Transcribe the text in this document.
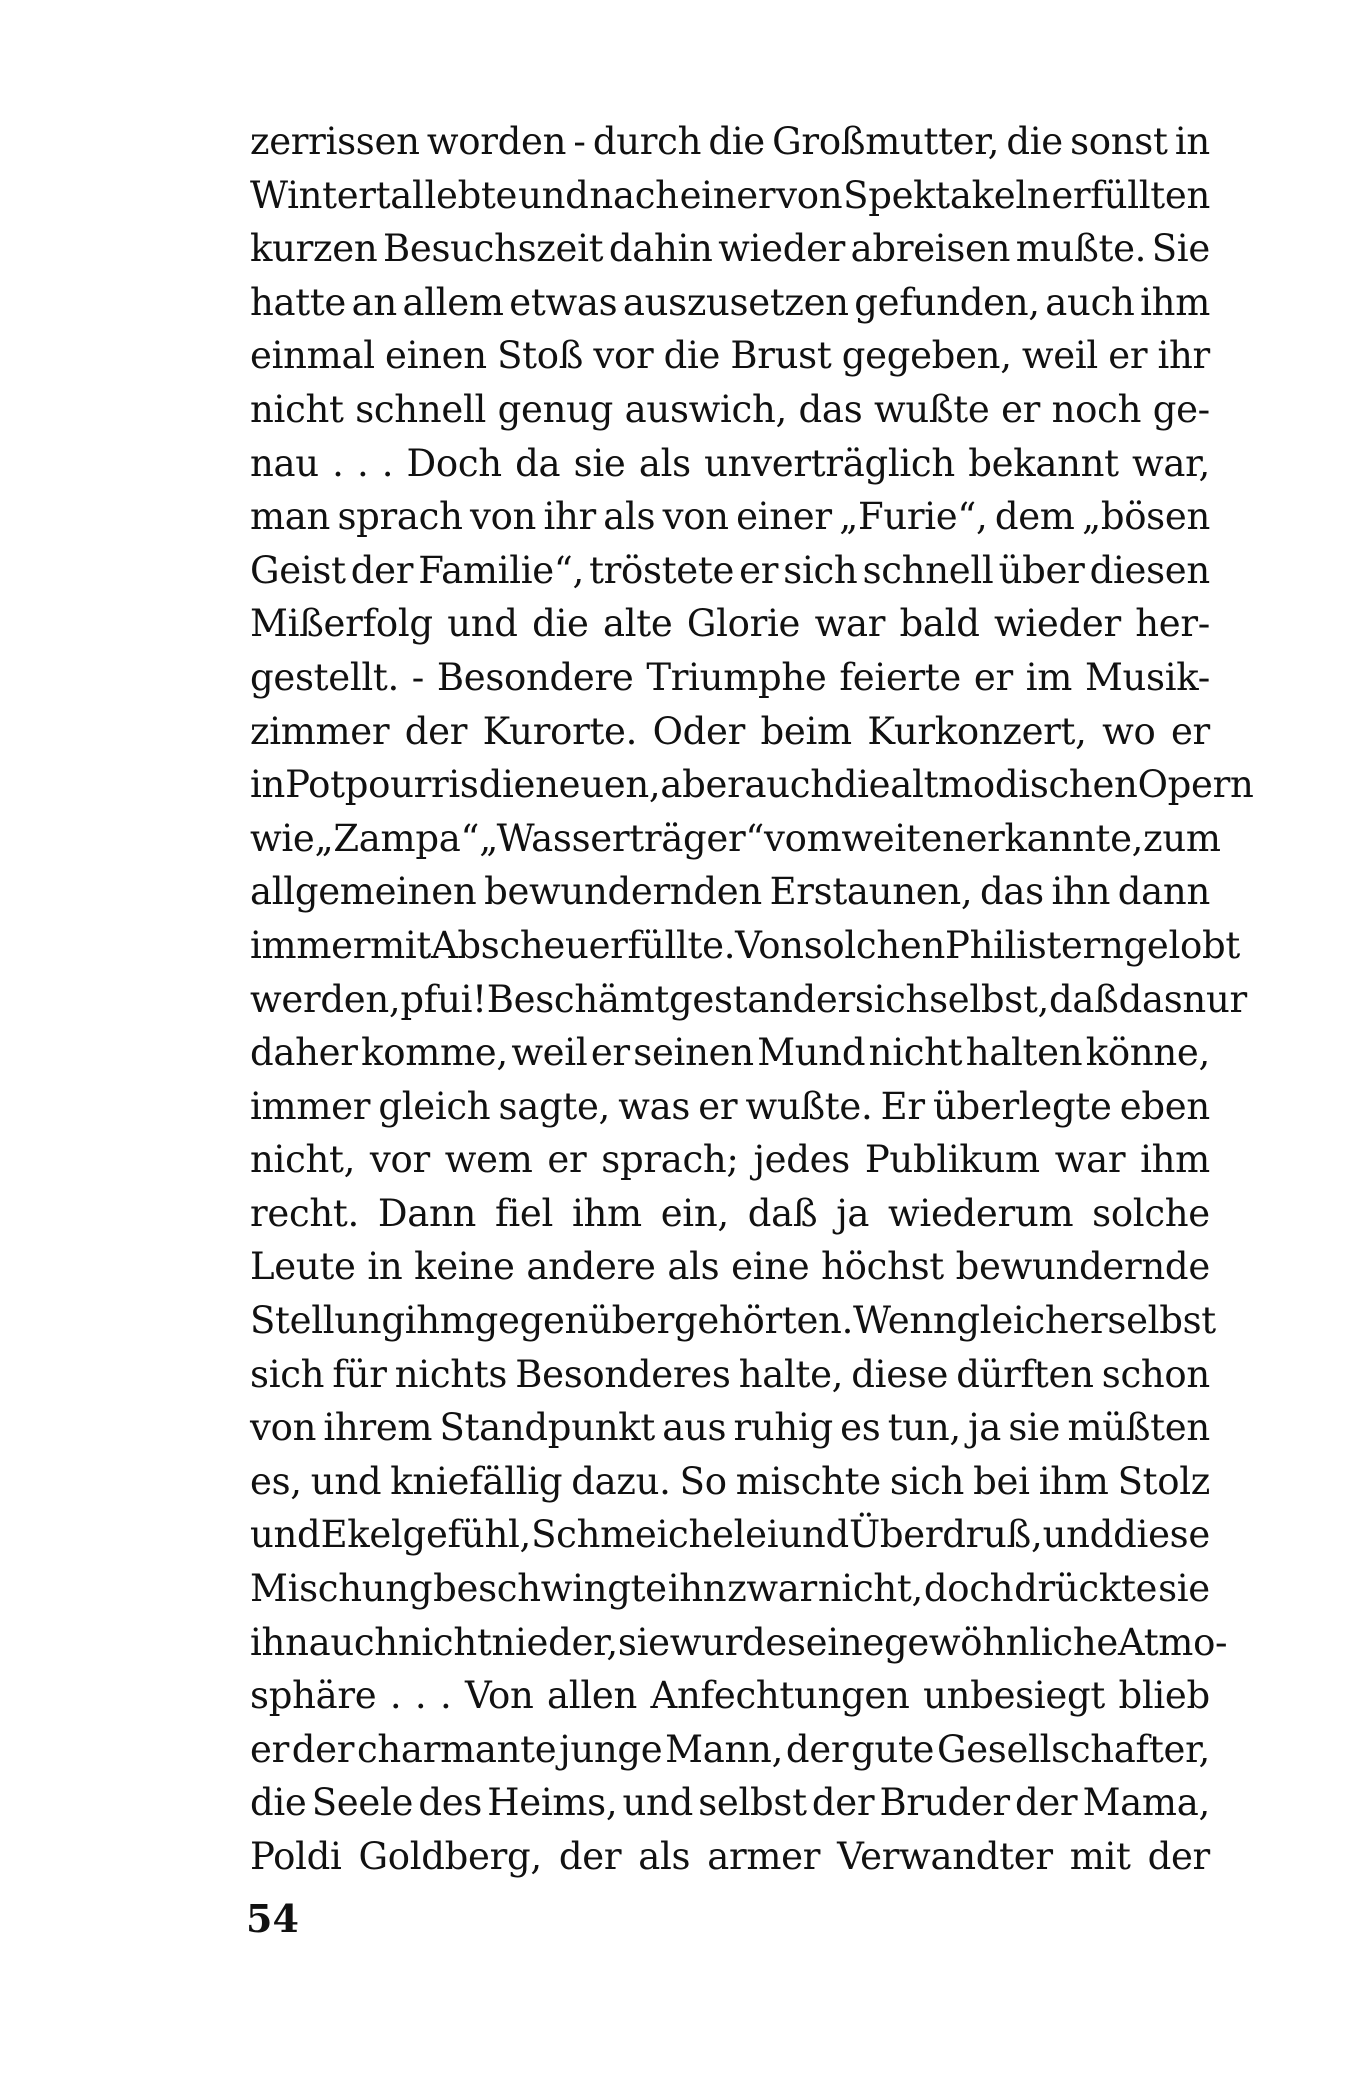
zerrissen worden - durch die Großmutter, die sonst in
Wintertal lebte und nach einer von Spektakeln erfüllten
kurzen Besuchszeit dahin wieder abreisen mußte. Sie
hatte an allem etwas auszusetzen gefunden, auch ihm
einmal einen Stoß vor die Brust gegeben, weil er ihr
nicht schnell genug auswich, das wußte er noch ge-
nau . . . Doch da sie als unverträglich bekannt war,
man sprach von ihr als von einer „Furie“, dem „bösen
Geist der Familie“, tröstete er sich schnell über diesen
Mißerfolg und die alte Glorie war bald wieder her-
gestellt. - Besondere Triumphe feierte er im Musik-
zimmer der Kurorte. Oder beim Kurkonzert, wo er
in Potpourris die neuen, aber auch die altmodischen Opern
wie „Zampa“ „Wasserträger“ vom weiten erkannte, zum
allgemeinen bewundernden Erstaunen, das ihn dann
immer mit Abscheu erfüllte. Von solchen Philistern gelobt
werden, pfui! Beschämt gestand er sich selbst, daß das nur
daher komme, weil er seinen Mund nicht halten könne,
immer gleich sagte, was er wußte. Er überlegte eben
nicht, vor wem er sprach; jedes Publikum war ihm
recht. Dann fiel ihm ein, daß ja wiederum solche
Leute in keine andere als eine höchst bewundernde
Stellung ihm gegenüber gehörten. Wenngleich er selbst
sich für nichts Besonderes halte, diese dürften schon
von ihrem Standpunkt aus ruhig es tun, ja sie müßten
es, und kniefällig dazu. So mischte sich bei ihm Stolz
und Ekelgefühl, Schmeichelei und Überdruß, und diese
Mischung beschwingte ihn zwar nicht, doch drückte sie
ihn auch nicht nieder, sie wurde seine gewöhnliche Atmo-
sphäre . . . Von allen Anfechtungen unbesiegt blieb
er der charmante junge Mann, der gute Gesellschafter,
die Seele des Heims, und selbst der Bruder der Mama,
Poldi Goldberg, der als armer Verwandter mit der
54
